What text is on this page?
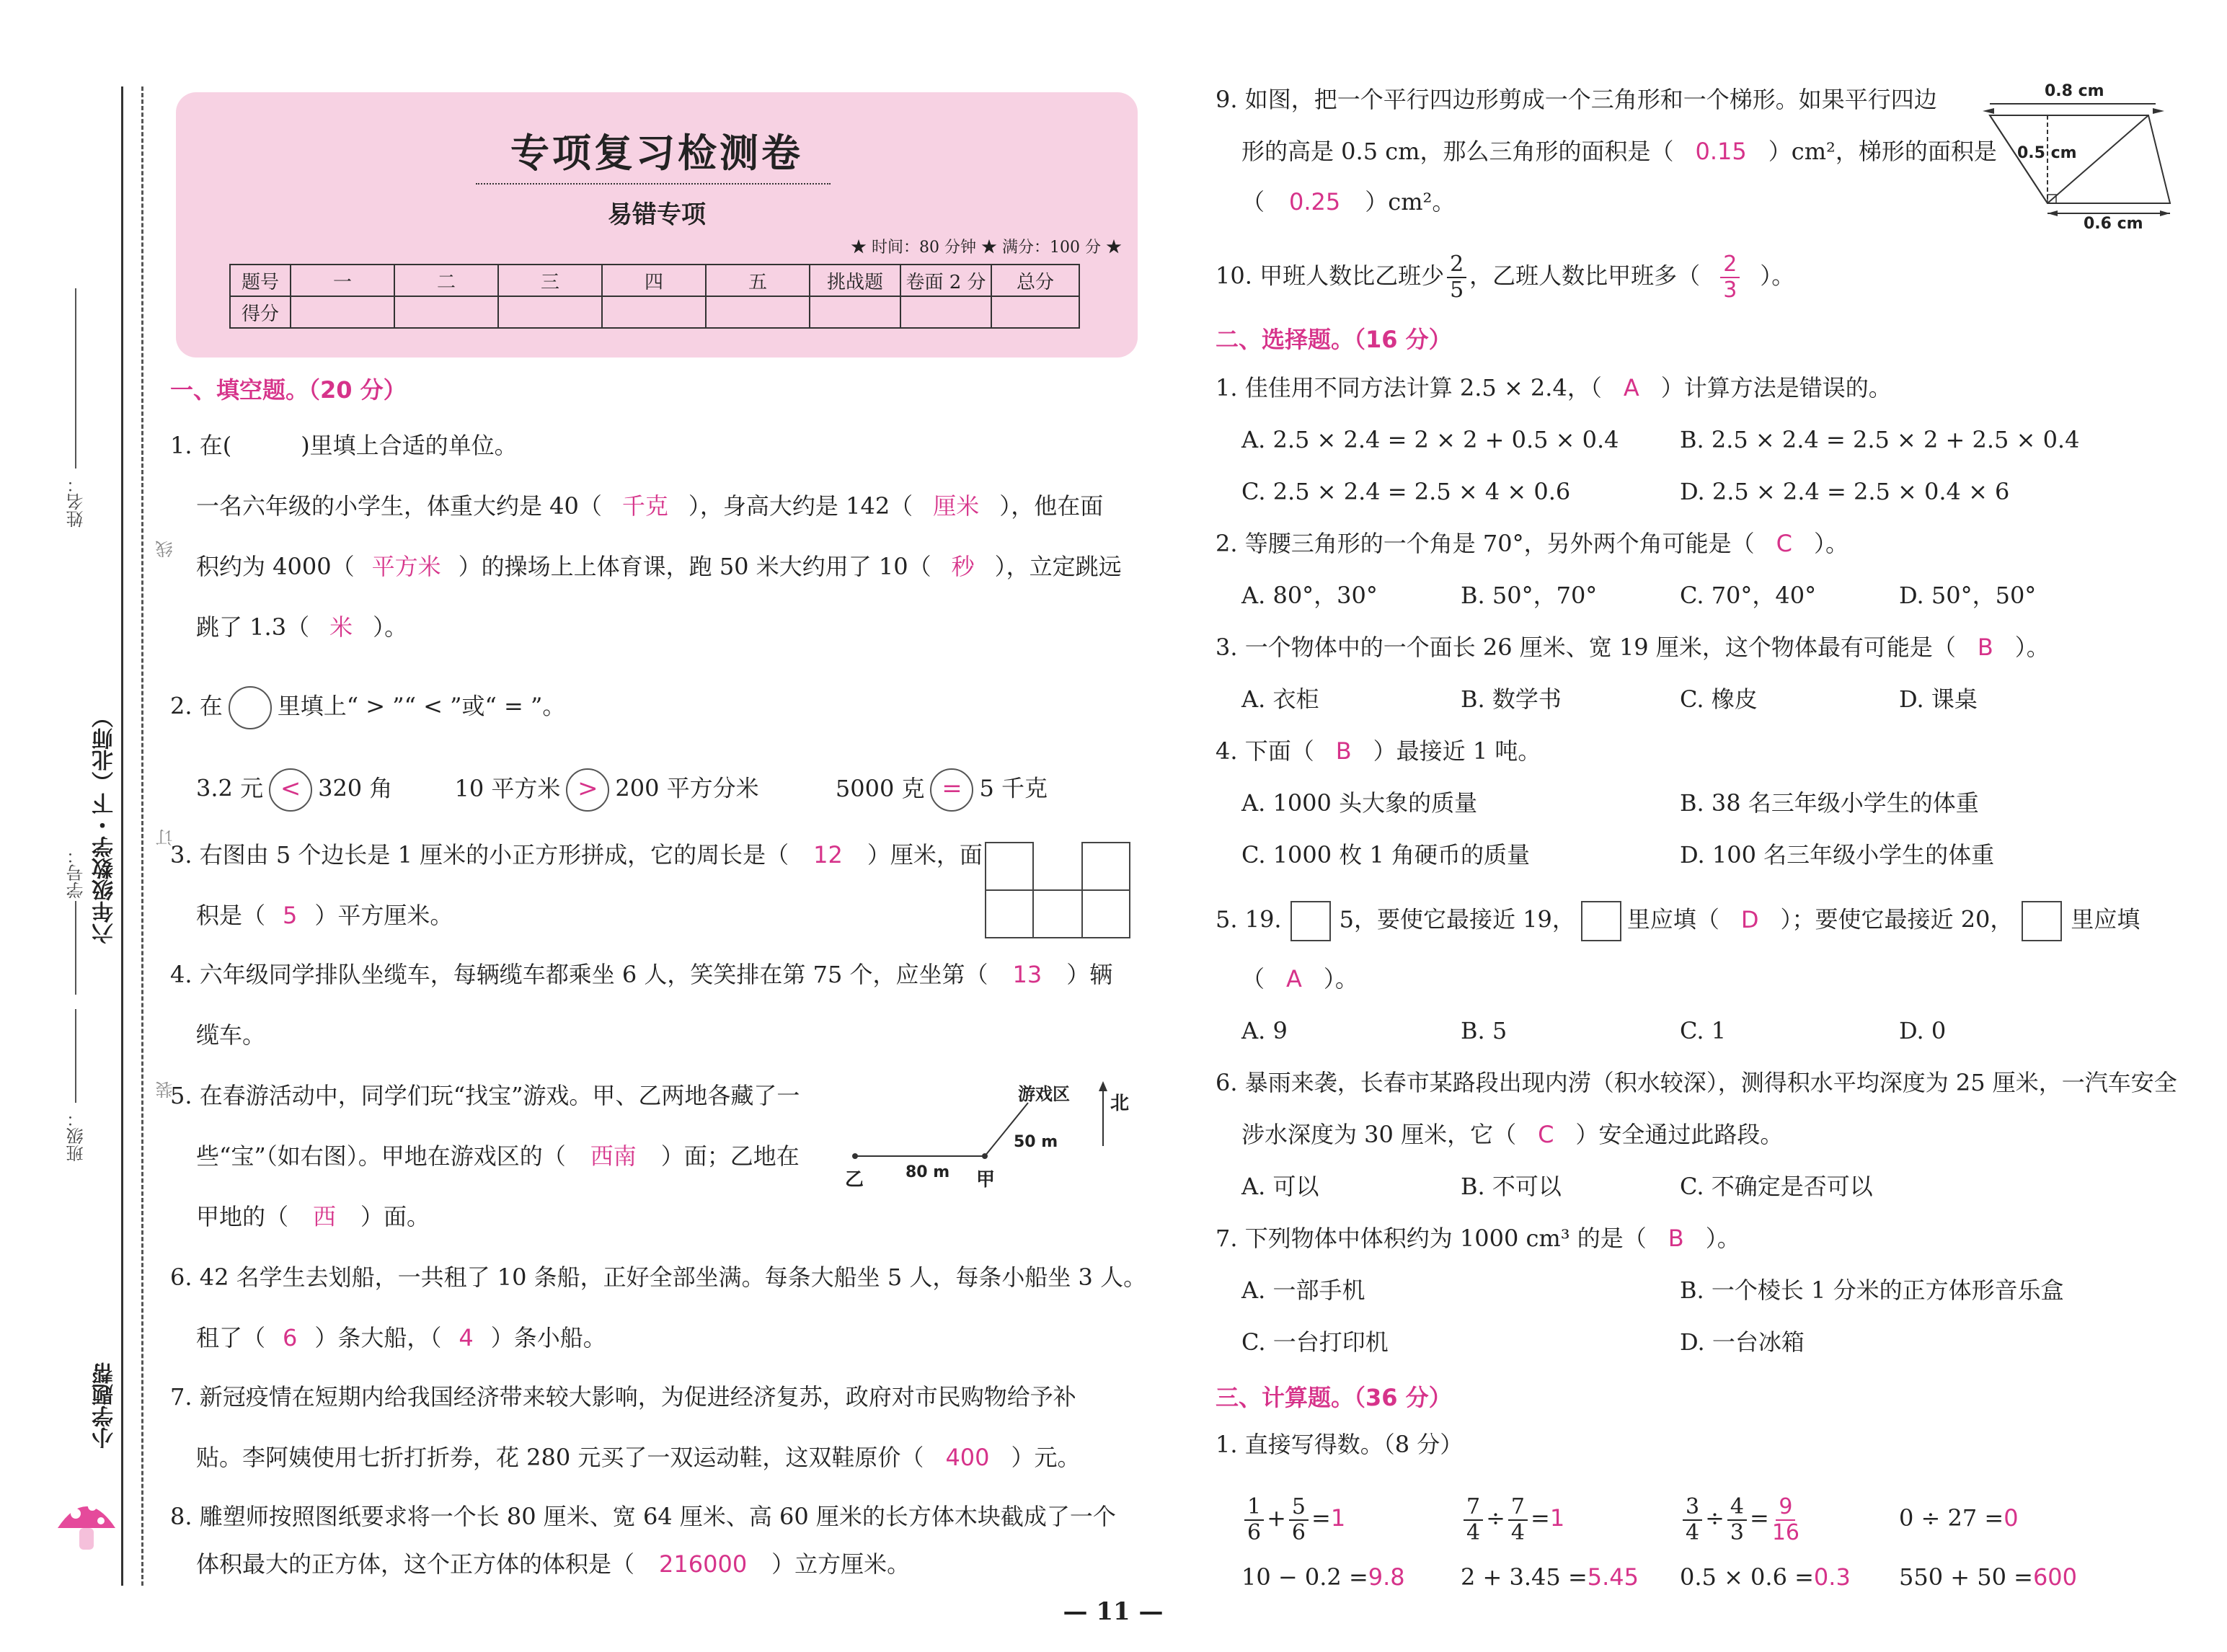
姓名：
线
学号： 六年级数学・下（北师） 订
班级：
装
小学题帮
专项复习检测卷
易错专项
★ 时间：80 分钟 ★ 满分：100 分 ★
题号	一	二	三	四	五	挑战题	卷面 2 分	总分
得分								
一、填空题。（20 分）
1. 在(　　　)里填上合适的单位。
一名六年级的小学生，体重大约是 40（ 千克 ），身高大约是 142（ 厘米 ），他在面
积约为 4000（ 平方米 ）的操场上上体育课，跑 50 米大约用了 10（ 秒 ），立定跳远
跳了 1.3（ 米 ）。
2. 在 里填上“ > ”“ < ”或“ = ”。
3.2 元 < 320 角	10 平方米 > 200 平方分米	5000 克 = 5 千克
3. 右图由 5 个边长是 1 厘米的小正方形拼成，它的周长是（ 12 ）厘米，面
积是（ 5 ）平方厘米。
4. 六年级同学排队坐缆车，每辆缆车都乘坐 6 人，笑笑排在第 75 个，应坐第（ 13 ）辆
缆车。
5. 在春游活动中，同学们玩“找宝”游戏。甲、乙两地各藏了一
些“宝”（如右图）。甲地在游戏区的（ 西南 ）面；乙地在
甲地的（ 西 ）面。
游戏区 北
50 m
80 m
乙	甲
6. 42 名学生去划船，一共租了 10 条船，正好全部坐满。每条大船坐 5 人，每条小船坐 3 人。
租了（ 6 ）条大船，（ 4 ）条小船。
7. 新冠疫情在短期内给我国经济带来较大影响，为促进经济复苏，政府对市民购物给予补
贴。李阿姨使用七折打折券，花 280 元买了一双运动鞋，这双鞋原价（ 400 ）元。
8. 雕塑师按照图纸要求将一个长 80 厘米、宽 64 厘米、高 60 厘米的长方体木块截成了一个
体积最大的正方体，这个正方体的体积是（ 216000 ）立方厘米。
9. 如图，把一个平行四边形剪成一个三角形和一个梯形。如果平行四边
形的高是 0.5 cm，那么三角形的面积是（ 0.15 ）cm²，梯形的面积是
（ 0.25 ）cm²。
0.8 cm
0.5 cm
0.6 cm
10. 甲班人数比乙班少 $\frac{2}{5}$ ，乙班人数比甲班多（ $\frac{2}{3}$ ）。
二、选择题。（16 分）
1. 佳佳用不同方法计算 2.5 × 2.4，（ A ）计算方法是错误的。
A. 2.5 × 2.4 = 2 × 2 + 0.5 × 0.4	B. 2.5 × 2.4 = 2.5 × 2 + 2.5 × 0.4
C. 2.5 × 2.4 = 2.5 × 4 × 0.6	D. 2.5 × 2.4 = 2.5 × 0.4 × 6
2. 等腰三角形的一个角是 70°，另外两个角可能是（ C ）。
A. 80°，30°	B. 50°，70°	C. 70°，40°	D. 50°，50°
3. 一个物体中的一个面长 26 厘米、宽 19 厘米，这个物体最有可能是（ B ）。
A. 衣柜	B. 数学书	C. 橡皮	D. 课桌
4. 下面（ B ）最接近 1 吨。
A. 1000 头大象的质量	B. 38 名三年级小学生的体重
C. 1000 枚 1 角硬币的质量	D. 100 名三年级小学生的体重
5. 19.	5，要使它最接近 19， 里应填（ D ）；要使它最接近 20，	里应填
（ A ）。
A. 9	B. 5	C. 1	D. 0
6. 暴雨来袭，长春市某路段出现内涝（积水较深），测得积水平均深度为 25 厘米，一汽车安全
涉水深度为 30 厘米，它（ C ）安全通过此路段。
A. 可以	B. 不可以	C. 不确定是否可以
7. 下列物体中体积约为 1000 cm³ 的是（ B ）。
A. 一部手机	B. 一个棱长 1 分米的正方体形音乐盒
C. 一台打印机	D. 一台冰箱
三、计算题。（36 分）
1. 直接写得数。（8 分）
$\frac{1}{6} + \frac{5}{6} =1$	$\frac{7}{4} \div \frac{7}{4} =1$	$\frac{3}{4} \div \frac{4}{3} = \frac{9}{16}$	0 ÷ 27 =0
10 − 0.2 =9.8 2 + 3.45 =5.45 0.5 × 0.6 =0.3 550 + 50 =600
— 11 —
